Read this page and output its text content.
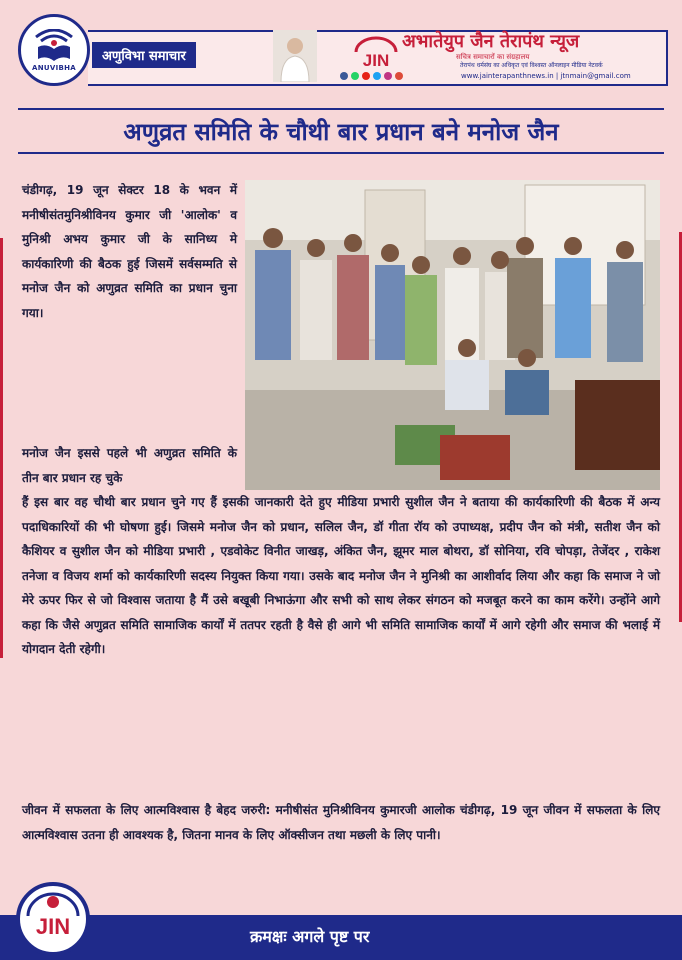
ANUVIBHA
अणुविभा समाचार	JIN
अभातेयुप जैन तेरापंथ न्यूज
सचित्र समाचारों का संग्रहालय
तेरापंथ धर्मसंघ का अधिकृत एवं विश्वस्त ऑनलाइन मीडिया नेटवर्क
www.jainterapanthnews.in | jtnmain@gmail.com
अणुव्रत समिति के चौथी बार प्रधान बने मनोज जैन

चंडीगढ़, 19 जून सेक्टर 18 के भवन में मनीषीसंतमुनिश्रीविनय कुमार जी 'आलोक' व मुनिश्री अभय कुमार जी के सानिध्य मे कार्यकारिणी की बैठक हुई जिसमें सर्वसम्मति से मनोज जैन को अणुव्रत समिति का प्रधान चुना गया।

मनोज जैन इससे पहले भी अणुव्रत समिति के तीन बार प्रधान रह चुके

हैं इस बार वह चौथी बार प्रधान चुने गए हैं इसकी जानकारी देते हुए मीडिया प्रभारी सुशील जैन ने बताया की कार्यकारिणी की बैठक में अन्य पदाधिकारियों की भी घोषणा हुई। जिसमे मनोज जैन को प्रधान, सलिल जैन, डॉ गीता रॉय को उपाध्यक्ष, प्रदीप जैन को मंत्री, सतीश जैन को कैशियर व सुशील जैन को मीडिया प्रभारी , एडवोकेट विनीत जाखड़, अंकित जैन, झूमर माल बोथरा, डॉ सोनिया, रवि चोपड़ा, तेजेंदर , राकेश तनेजा व विजय शर्मा को कार्यकारिणी सदस्य नियुक्त किया गया। उसके बाद मनोज जैन ने मुनिश्री का आशीर्वाद लिया और कहा कि समाज ने जो मेरे ऊपर फिर से जो विश्वास जताया है मैं उसे बखूबी निभाऊंगा और सभी को साथ लेकर संगठन को मजबूत करने का काम करेंगे। उन्होंने आगे कहा कि जैसे अणुव्रत समिति सामाजिक कार्यों में ततपर रहती है वैसे ही आगे भी समिति सामाजिक कार्यों में आगे रहेगी और समाज की भलाई में योगदान देती रहेगी।

जीवन में सफलता के लिए आत्मविश्वास है बेहद जरुरी: मनीषीसंत मुनिश्रीविनय कुमारजी आलोक चंडीगढ़, 19 जून जीवन में सफलता के लिए आत्मविश्वास उतना ही आवश्यक है, जितना मानव के लिए ऑक्सीजन तथा मछली के लिए पानी।

क्रमक्षः अगले पृष्ट पर
JIN
